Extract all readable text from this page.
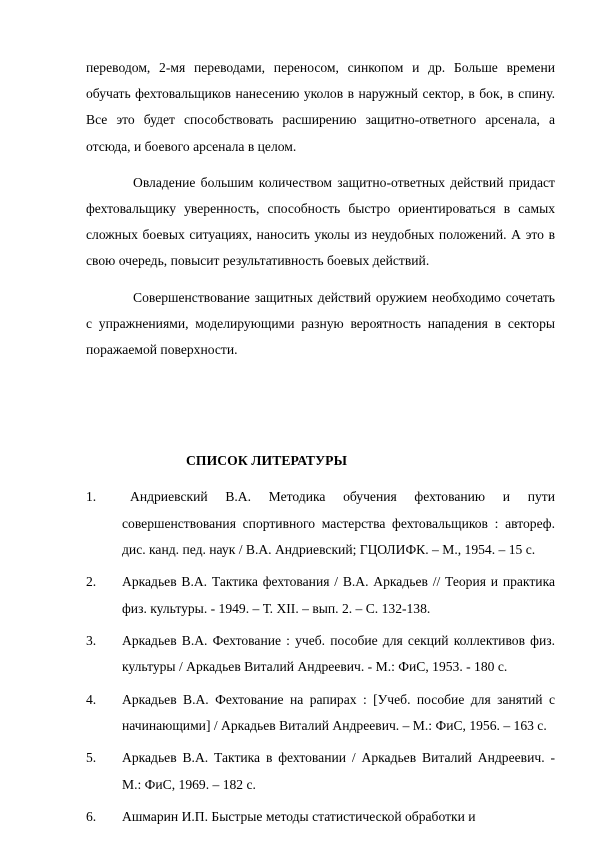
переводом, 2-мя переводами, переносом, синкопом и др. Больше времени обучать фехтовальщиков нанесению уколов в наружный сектор, в бок, в спину. Все это будет способствовать расширению защитно-ответного арсенала, а отсюда, и боевого арсенала в целом.

Овладение большим количеством защитно-ответных действий придаст фехтовальщику уверенность, способность быстро ориентироваться в самых сложных боевых ситуациях, наносить уколы из неудобных положений. А это в свою очередь, повысит результативность боевых действий.

Совершенствование защитных действий оружием необходимо сочетать с упражнениями, моделирующими разную вероятность нападения в секторы поражаемой поверхности.

СПИСОК ЛИТЕРАТУРЫ
1.	Андриевский В.А. Методика обучения фехтованию и пути совершенствования спортивного мастерства фехтовальщиков : автореф. дис. канд. пед. наук / В.А. Андриевский; ГЦОЛИФК. – М., 1954. – 15 с.
2. Аркадьев В.А. Тактика фехтования / В.А. Аркадьев // Теория и практика физ. культуры. - 1949. – Т. XII. – вып. 2. – С. 132-138.
3. Аркадьев В.А. Фехтование : учеб. пособие для секций коллективов физ. культуры / Аркадьев Виталий Андреевич. - М.: ФиС, 1953. - 180 с.
4. Аркадьев В.А. Фехтование на рапирах : [Учеб. пособие для занятий с начинающими] / Аркадьев Виталий Андреевич. – М.: ФиС, 1956. – 163 с.
5. Аркадьев В.А. Тактика в фехтовании / Аркадьев Виталий Андреевич. - М.: ФиС, 1969. – 182 с.
6. Ашмарин И.П. Быстрые методы статистической обработки и
